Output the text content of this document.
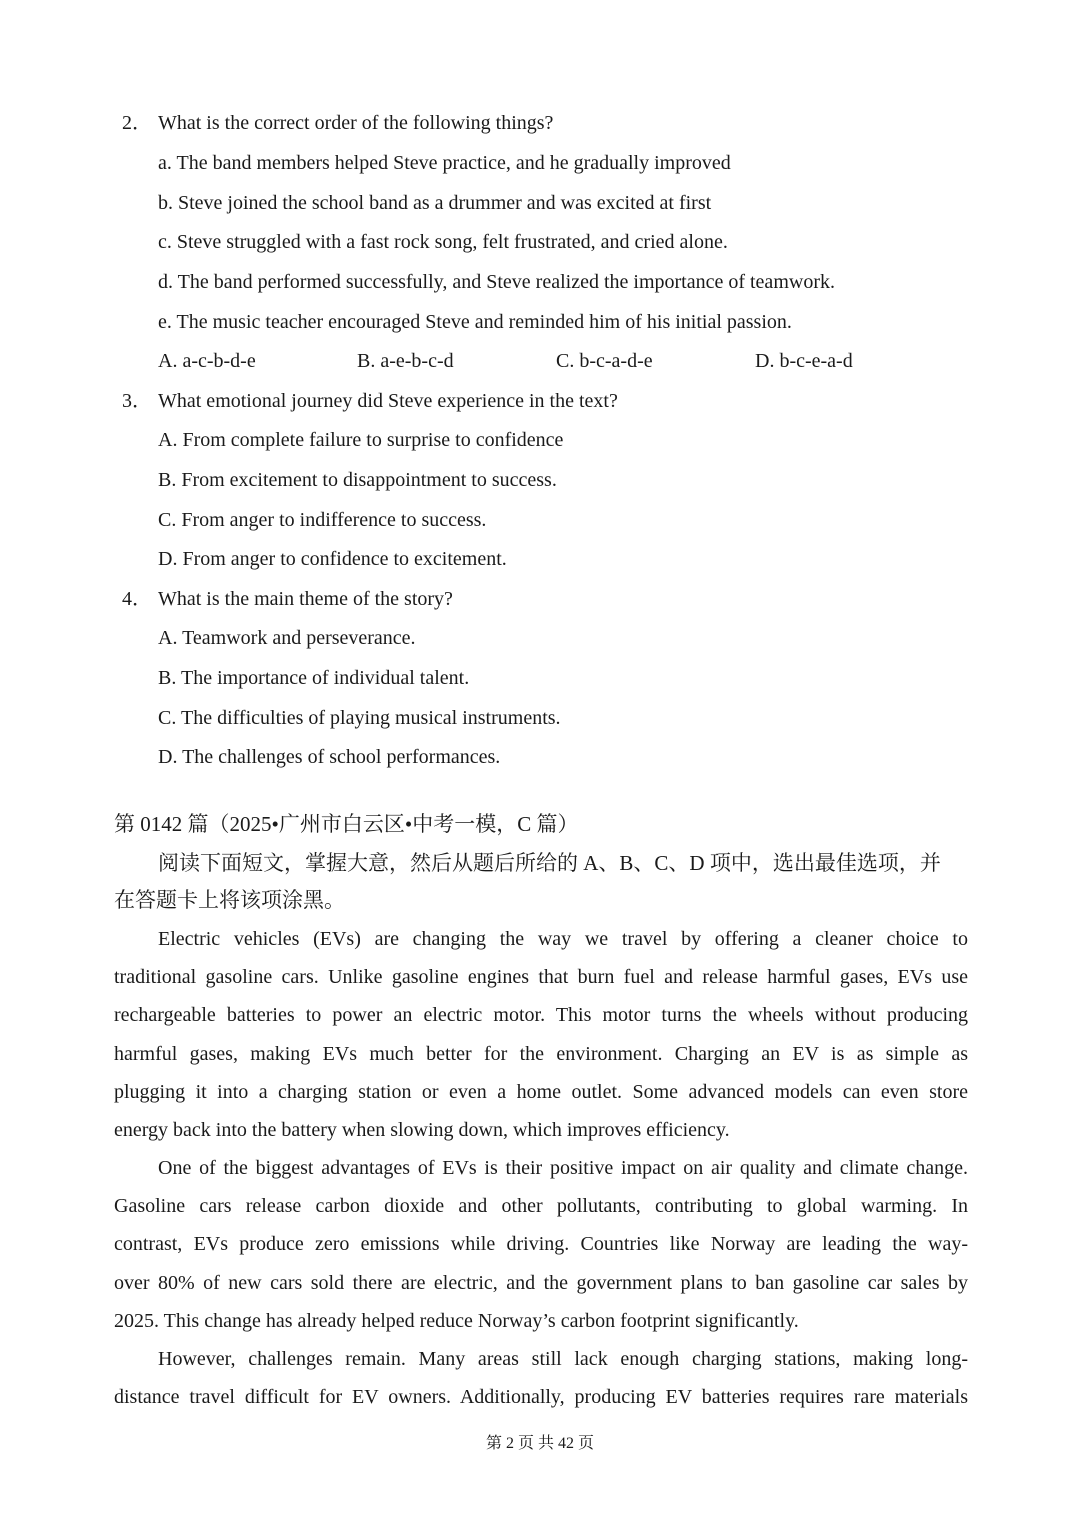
2． What is the correct order of the following things?
a. The band members helped Steve practice, and he gradually improved
b. Steve joined the school band as a drummer and was excited at first
c. Steve struggled with a fast rock song, felt frustrated, and cried alone.
d. The band performed successfully, and Steve realized the importance of teamwork.
e. The music teacher encouraged Steve and reminded him of his initial passion.
A. a-c-b-d-e	B. a-e-b-c-d	C. b-c-a-d-e	D. b-c-e-a-d
3． What emotional journey did Steve experience in the text?
A. From complete failure to surprise to confidence
B. From excitement to disappointment to success.
C. From anger to indifference to success.
D. From anger to confidence to excitement.
4． What is the main theme of the story?
A. Teamwork and perseverance.
B. The importance of individual talent.
C. The difficulties of playing musical instruments.
D. The challenges of school performances.
第 0142 篇（2025•广州市白云区•中考一模，C 篇）
阅读下面短文，掌握大意，然后从题后所给的 A、B、C、D 项中，选出最佳选项，并
在答题卡上将该项涂黑。
Electric vehicles (EVs) are changing the way we travel by offering a cleaner choice to
traditional gasoline cars. Unlike gasoline engines that burn fuel and release harmful gases, EVs use
rechargeable batteries to power an electric motor. This motor turns the wheels without producing
harmful gases, making EVs much better for the environment. Charging an EV is as simple as
plugging it into a charging station or even a home outlet. Some advanced models can even store
energy back into the battery when slowing down, which improves efficiency.
One of the biggest advantages of EVs is their positive impact on air quality and climate change.
Gasoline cars release carbon dioxide and other pollutants, contributing to global warming. In
contrast, EVs produce zero emissions while driving. Countries like Norway are leading the way-
over 80% of new cars sold there are electric, and the government plans to ban gasoline car sales by
2025. This change has already helped reduce Norway’s carbon footprint significantly.
However, challenges remain. Many areas still lack enough charging stations, making long-
distance travel difficult for EV owners. Additionally, producing EV batteries requires rare materials
第 2 页 共 42 页
